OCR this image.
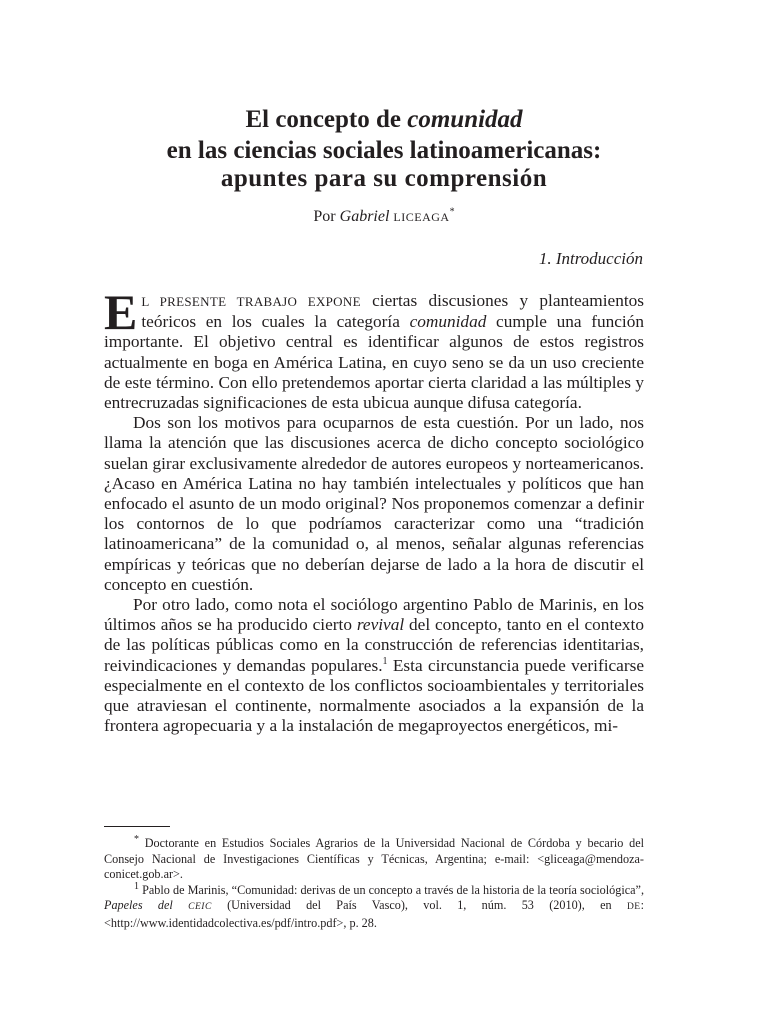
El concepto de comunidad
en las ciencias sociales latinoamericanas:
apuntes para su comprensión
Por Gabriel LICEAGA*
1. Introducción

EL PRESENTE TRABAJO EXPONE ciertas discusiones y planteamientos teóricos en los cuales la categoría comunidad cumple una función importante. El objetivo central es identificar algunos de estos registros actualmente en boga en América Latina, en cuyo seno se da un uso creciente de este término. Con ello pretendemos aportar cierta claridad a las múltiples y entrecruzadas significaciones de esta ubicua aunque difusa categoría.

Dos son los motivos para ocuparnos de esta cuestión. Por un lado, nos llama la atención que las discusiones acerca de dicho concepto sociológico suelan girar exclusivamente alrededor de autores europeos y norteamericanos. ¿Acaso en América Latina no hay también intelectuales y políticos que han enfocado el asunto de un modo original? Nos proponemos comenzar a definir los contornos de lo que podríamos caracterizar como una “tradición latinoamericana” de la comunidad o, al menos, señalar algunas referencias empíricas y teóricas que no deberían dejarse de lado a la hora de discutir el concepto en cuestión.

Por otro lado, como nota el sociólogo argentino Pablo de Marinis, en los últimos años se ha producido cierto revival del concepto, tanto en el contexto de las políticas públicas como en la construcción de referencias identitarias, reivindicaciones y demandas populares.$^1$ Esta circunstancia puede verificarse especialmente en el contexto de los conflictos socioambientales y territoriales que atraviesan el continente, normalmente asociados a la expansión de la frontera agropecuaria y a la instalación de megaproyectos energéticos, mi-

* Doctorante en Estudios Sociales Agrarios de la Universidad Nacional de Córdoba y becario del Consejo Nacional de Investigaciones Científicas y Técnicas, Argentina; e-mail: <gliceaga@mendoza-conicet.gob.ar>.

$^1$ Pablo de Marinis, “Comunidad: derivas de un concepto a través de la historia de la teoría sociológica”, Papeles del CEIC (Universidad del País Vasco), vol. 1, núm. 53 (2010), en DE: <http://www.identidadcolectiva.es/pdf/intro.pdf>, p. 28.
